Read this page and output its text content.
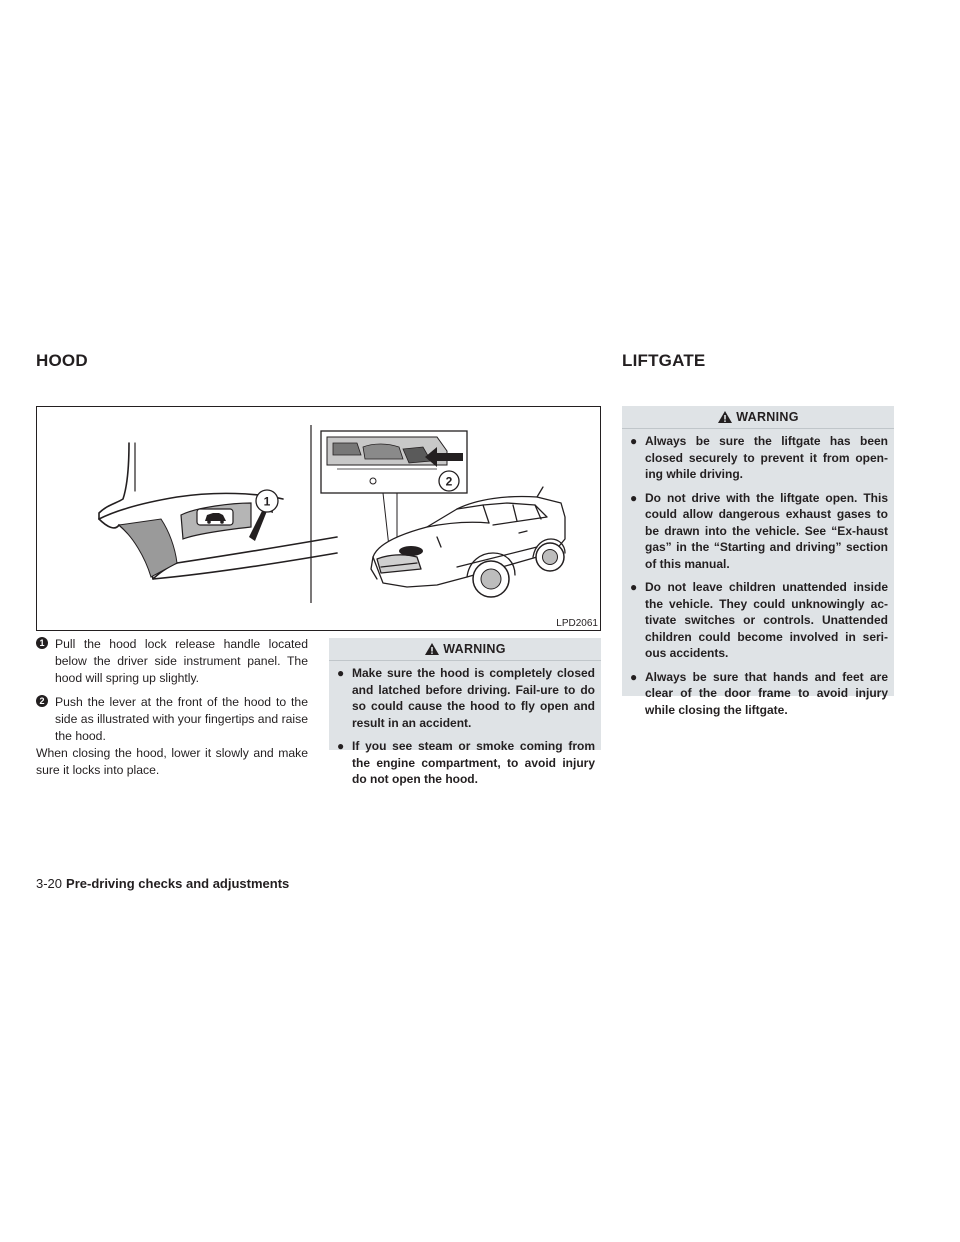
HOOD	LIFTGATE
1
2
LPD2061
1 Pull the hood lock release handle located below the driver side instrument panel. The hood will spring up slightly.
2 Push the lever at the front of the hood to the side as illustrated with your fingertips and raise the hood.
When closing the hood, lower it slowly and make sure it locks into place.
WARNING
● Make sure the hood is completely closed and latched before driving. Fail-ure to do so could cause the hood to fly open and result in an accident.
● If you see steam or smoke coming from the engine compartment, to avoid injury do not open the hood.
WARNING
● Always be sure the liftgate has been closed securely to prevent it from open-ing while driving.
● Do not drive with the liftgate open. This could allow dangerous exhaust gases to be drawn into the vehicle. See “Ex-haust gas” in the “Starting and driving” section of this manual.
● Do not leave children unattended inside the vehicle. They could unknowingly ac-tivate switches or controls. Unattended children could become involved in seri-ous accidents.
● Always be sure that hands and feet are clear of the door frame to avoid injury while closing the liftgate.
3-20 Pre-driving checks and adjustments
